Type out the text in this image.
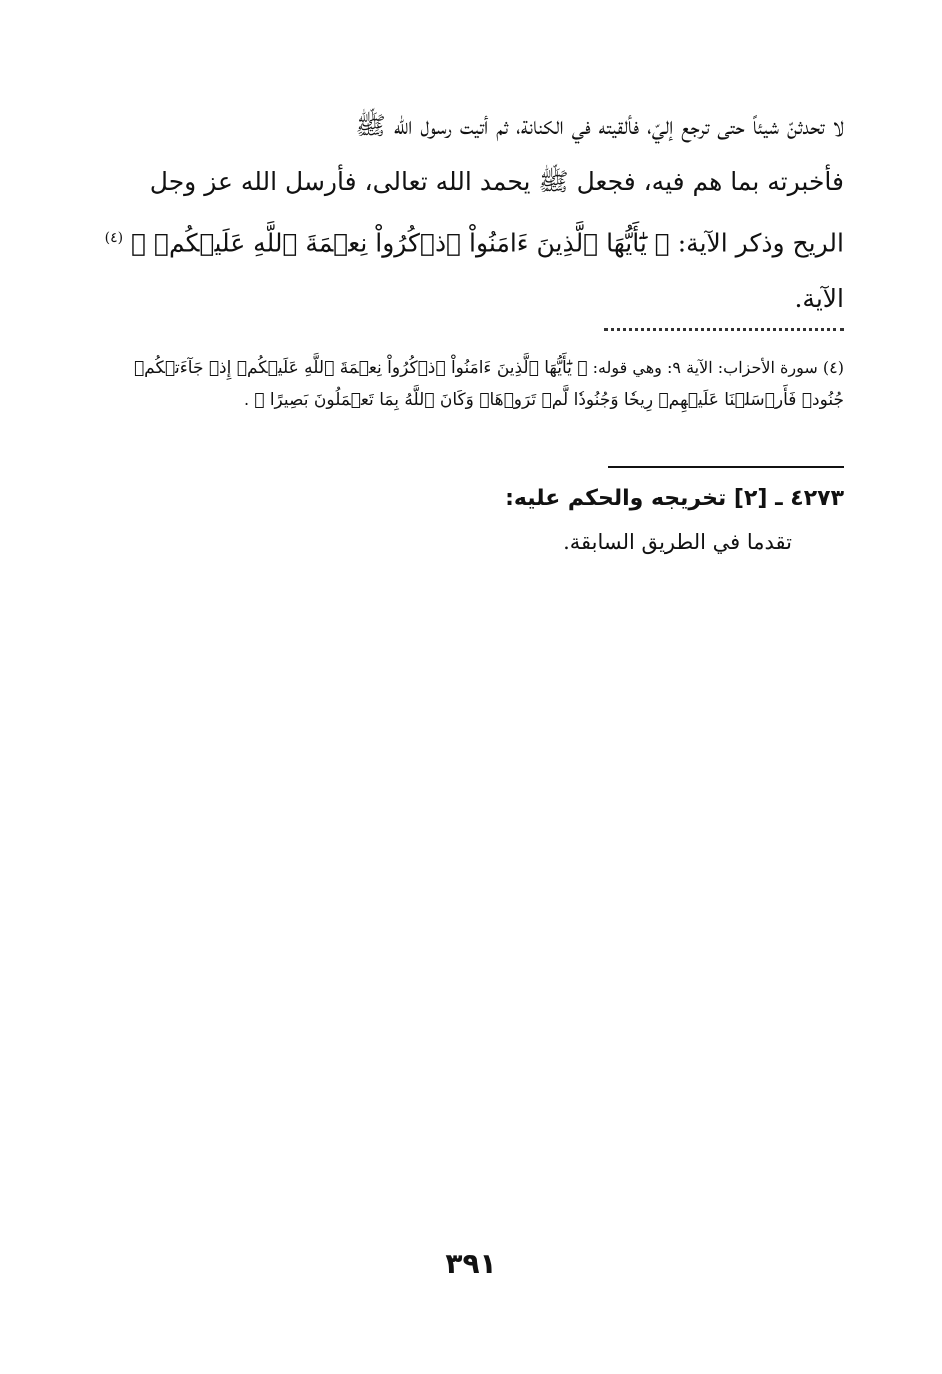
لا تحدثنّ شيئاً حتى ترجع إليّ، فألقيته في الكنانة، ثم أتيت رسول الله ﷺ
فأخبرته بما هم فيه، فجعل ﷺ يحمد الله تعالى، فأرسل الله عز وجل
الريح وذكر الآية: ﴿ يَٰٓأَيُّهَا ٱلَّذِينَ ءَامَنُواْ ٱذۡكُرُواْ نِعۡمَةَ ٱللَّهِ عَلَيۡكُمۡ ﴾ $^{(٤)}$
الآية.
(٤) سورة الأحزاب: الآية ٩: وهي قوله: ﴿ يَٰٓأَيُّهَا ٱلَّذِينَ ءَامَنُواْ ٱذۡكُرُواْ نِعۡمَةَ ٱللَّهِ عَلَيۡكُمۡ إِذۡ جَآءَتۡكُمۡ جُنُودٞ فَأَرۡسَلۡنَا عَلَيۡهِمۡ رِيحٗا وَجُنُودٗا لَّمۡ تَرَوۡهَاۚ وَكَانَ ٱللَّهُ بِمَا تَعۡمَلُونَ بَصِيرًا ﴾ .
٤٢٧٣ ـ [٢] تخريجه والحكم عليه:
تقدما في الطريق السابقة.
٣٩١
